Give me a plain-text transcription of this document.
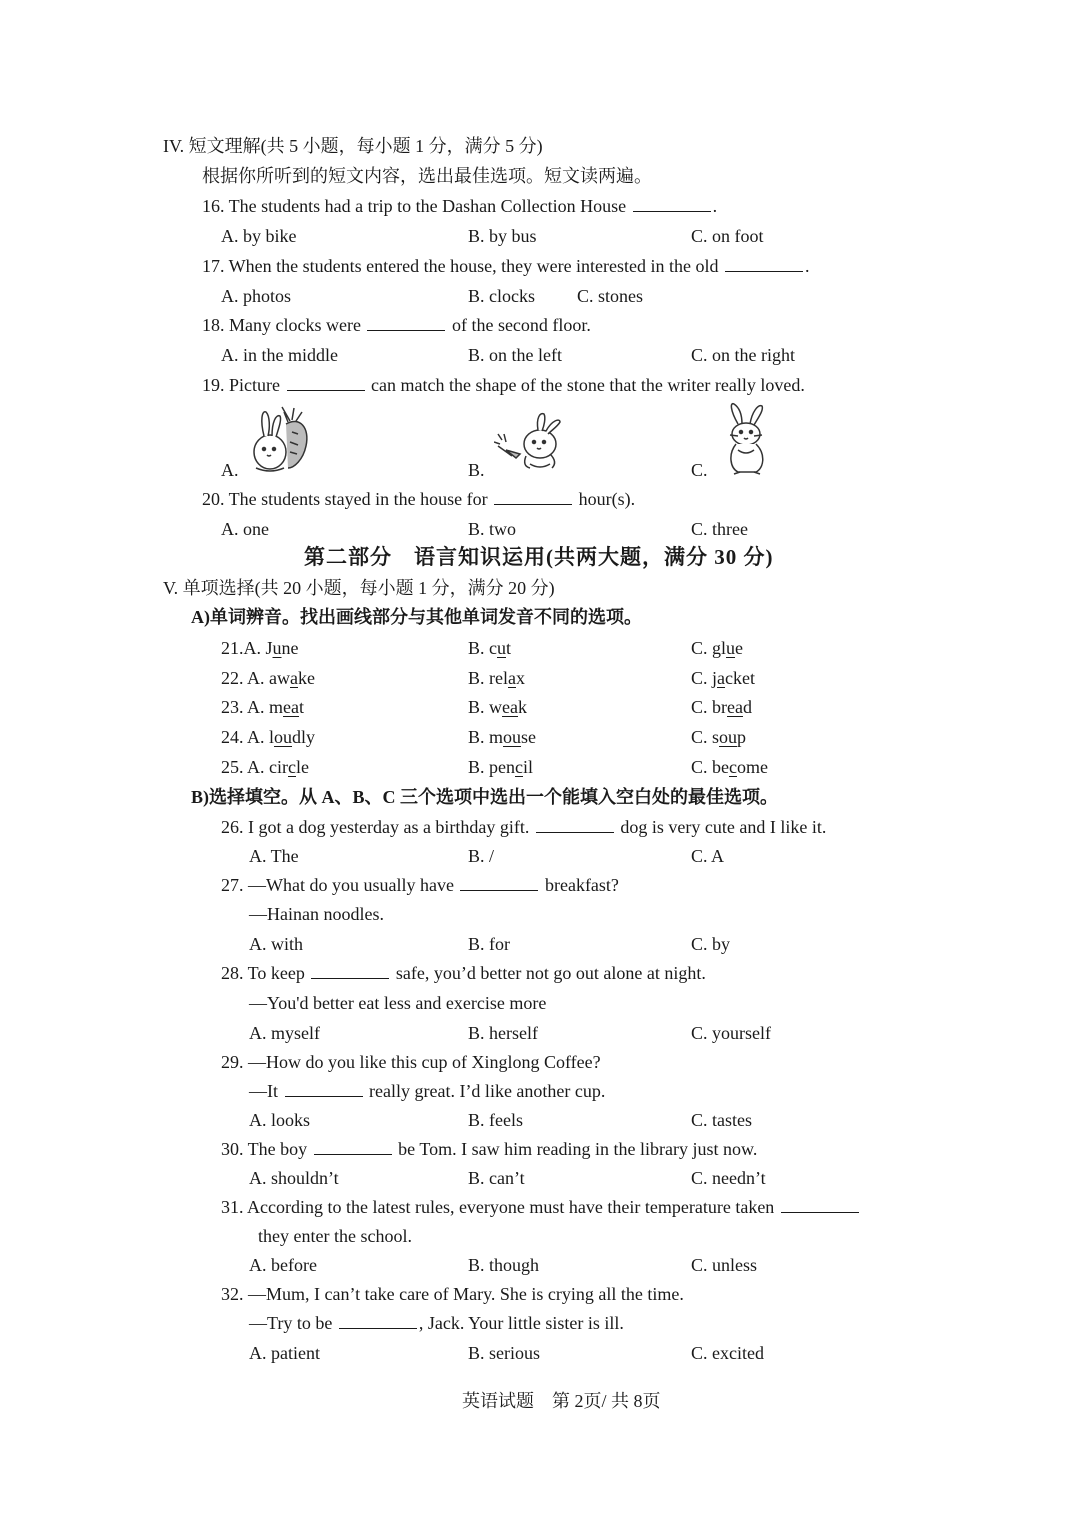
IV. 短文理解(共 5 小题，每小题 1 分，满分 5 分)
根据你所听到的短文内容，选出最佳选项。短文读两遍。
16. The students had a trip to the Dashan Collection House	.
A. by bike	B. by bus	C. on foot
17. When the students entered the house, they were interested in the old	.
A. photos	B. clocks C. stones
18. Many clocks were	of the second floor.
A. in the middle	B. on the left	C. on the right
19. Picture	can match the shape of the stone that the writer really loved.
A.	B.	C.
20. The students stayed in the house for	hour(s).
A. one	B. two	C. three
第二部分　语言知识运用(共两大题，满分 30 分)
V. 单项选择(共 20 小题，每小题 1 分，满分 20 分)
A)单词辨音。找出画线部分与其他单词发音不同的选项。
21.A. June	B. cut	C. glue
22. A. awake	B. relax	C. jacket
23. A. meat	B. weak	C. bread
24. A. loudly	B. mouse	C. soup
25. A. circle	B. pencil	C. become
B)选择填空。从 A、B、C 三个选项中选出一个能填入空白处的最佳选项。
26. I got a dog yesterday as a birthday gift.	dog is very cute and I like it.
A. The	B. /	C. A
27. —What do you usually have	breakfast?
—Hainan noodles.
A. with	B. for	C. by
28. To keep	safe, you’d better not go out alone at night.
—You'd better eat less and exercise more
A. myself	B. herself	C. yourself
29. —How do you like this cup of Xinglong Coffee?
—It	really great. I’d like another cup.
A. looks	B. feels	C. tastes
30. The boy	be Tom. I saw him reading in the library just now.
A. shouldn’t	B. can’t	C. needn’t
31. According to the latest rules, everyone must have their temperature taken
they enter the school.
A. before	B. though	C. unless
32. —Mum, I can’t take care of Mary. She is crying all the time.
—Try to be	, Jack. Your little sister is ill.
A. patient	B. serious	C. excited
英语试题　第 2页/ 共 8页
